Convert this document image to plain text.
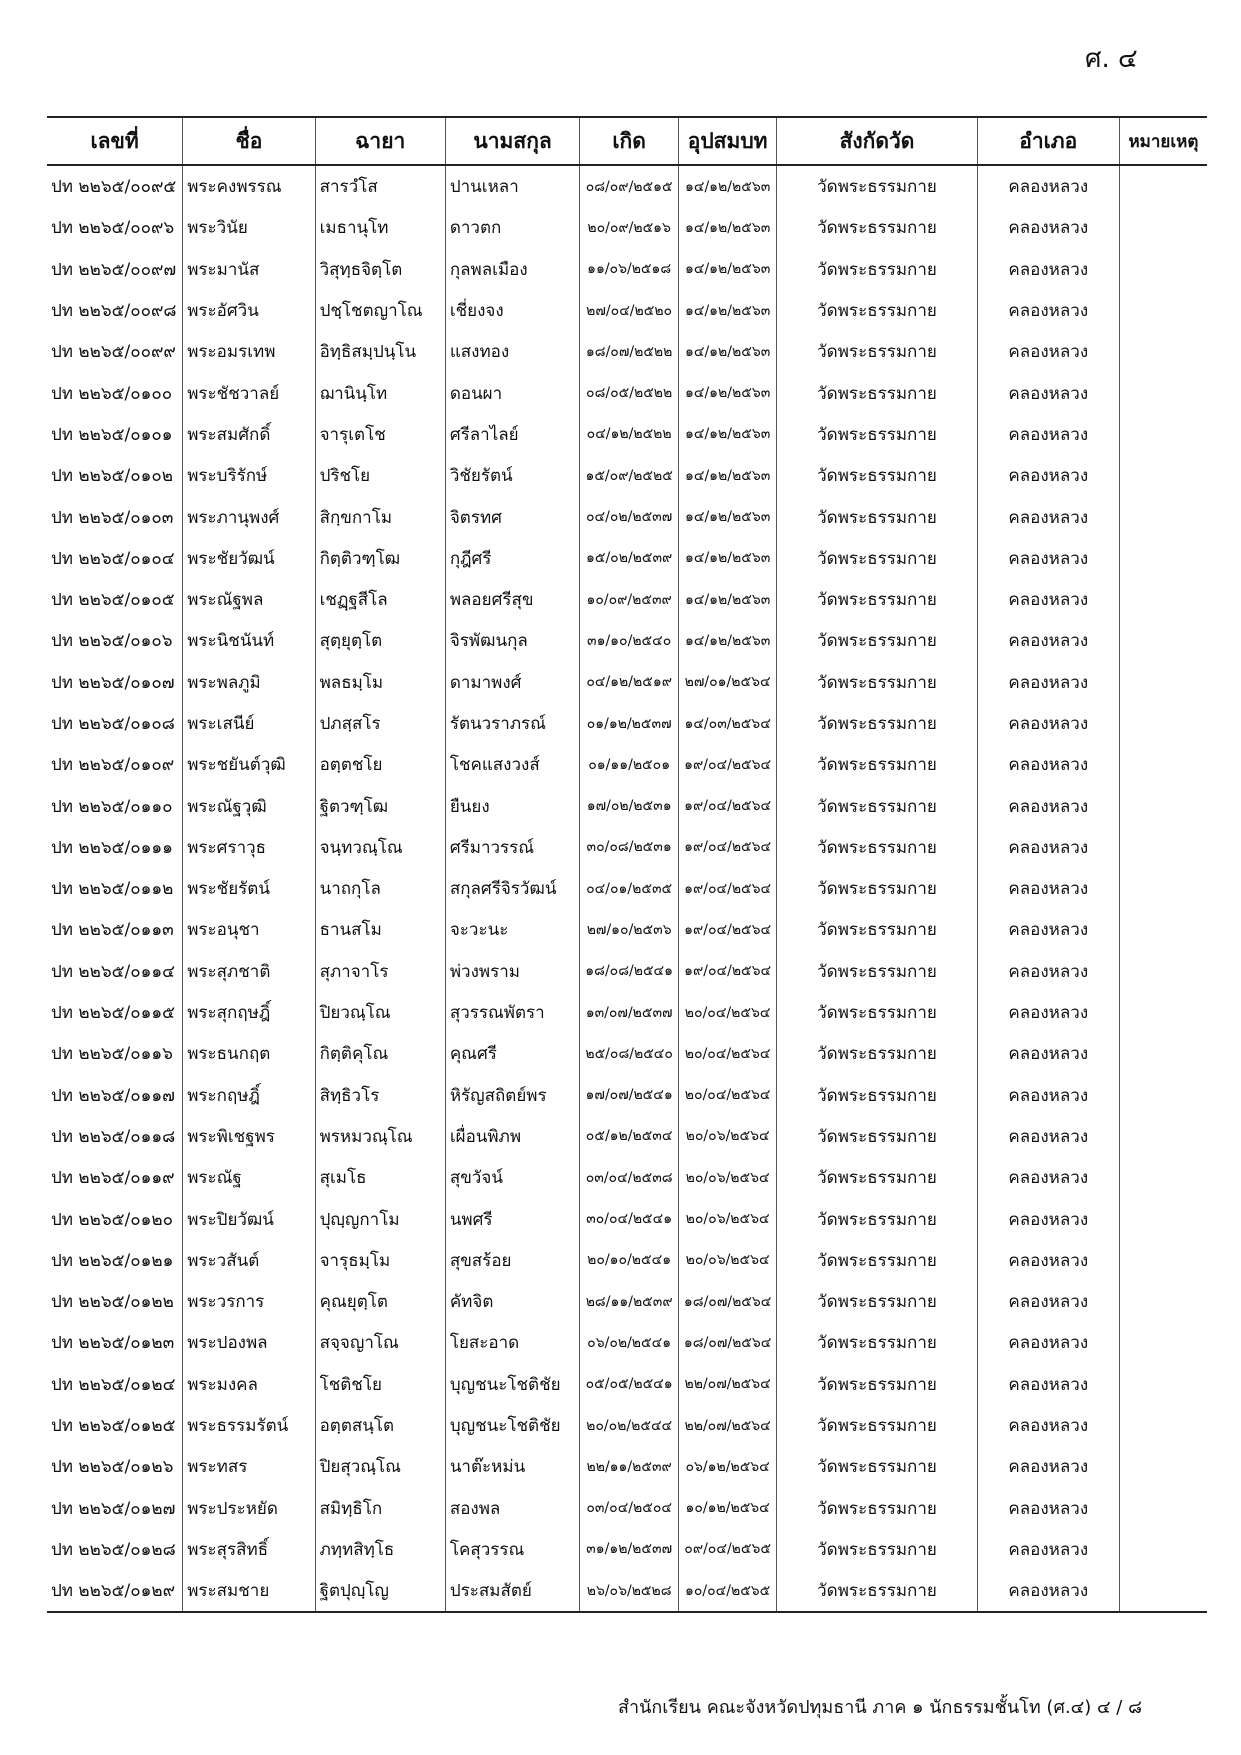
ศ. ๔
เลขที่	ชื่อ	ฉายา	นามสกุล	เกิด	อุปสมบท	สังกัดวัด	อำเภอ	หมายเหตุ
ปท ๒๒๖๕/๐๐๙๕	พระคงพรรณ	สารวํโส	ปานเหลา	๐๘/๐๙/๒๕๑๕	๑๔/๑๒/๒๕๖๓	วัดพระธรรมกาย	คลองหลวง	
ปท ๒๒๖๕/๐๐๙๖	พระวินัย	เมธานุโท	ดาวตก	๒๐/๐๙/๒๕๑๖	๑๔/๑๒/๒๕๖๓	วัดพระธรรมกาย	คลองหลวง	
ปท ๒๒๖๕/๐๐๙๗	พระมานัส	วิสุทฺธจิตฺโต	กุลพลเมือง	๑๑/๐๖/๒๕๑๘	๑๔/๑๒/๒๕๖๓	วัดพระธรรมกาย	คลองหลวง	
ปท ๒๒๖๕/๐๐๙๘	พระอัศวิน	ปชฺโชตญาโณ	เชี่ยงจง	๒๗/๐๔/๒๕๒๐	๑๔/๑๒/๒๕๖๓	วัดพระธรรมกาย	คลองหลวง	
ปท ๒๒๖๕/๐๐๙๙	พระอมรเทพ	อิทฺธิสมฺปนฺโน	แสงทอง	๑๘/๐๗/๒๕๒๒	๑๔/๑๒/๒๕๖๓	วัดพระธรรมกาย	คลองหลวง	
ปท ๒๒๖๕/๐๑๐๐	พระชัชวาลย์	ฌานินฺโท	ดอนผา	๐๘/๐๕/๒๕๒๒	๑๔/๑๒/๒๕๖๓	วัดพระธรรมกาย	คลองหลวง	
ปท ๒๒๖๕/๐๑๐๑	พระสมศักดิ์	จารุเตโช	ศรีลาไลย์	๐๔/๑๒/๒๕๒๒	๑๔/๑๒/๒๕๖๓	วัดพระธรรมกาย	คลองหลวง	
ปท ๒๒๖๕/๐๑๐๒	พระบริรักษ์	ปริชโย	วิชัยรัตน์	๑๕/๐๙/๒๕๒๕	๑๔/๑๒/๒๕๖๓	วัดพระธรรมกาย	คลองหลวง	
ปท ๒๒๖๕/๐๑๐๓	พระภานุพงศ์	สิกฺขกาโม	จิตรทศ	๐๔/๐๒/๒๕๓๗	๑๔/๑๒/๒๕๖๓	วัดพระธรรมกาย	คลองหลวง	
ปท ๒๒๖๕/๐๑๐๔	พระชัยวัฒน์	กิตฺติวฑฺโฒ	กุฎีศรี	๑๕/๐๒/๒๕๓๙	๑๔/๑๒/๒๕๖๓	วัดพระธรรมกาย	คลองหลวง	
ปท ๒๒๖๕/๐๑๐๕	พระณัฐพล	เชฏฺฐสีโล	พลอยศรีสุข	๑๐/๐๙/๒๕๓๙	๑๔/๑๒/๒๕๖๓	วัดพระธรรมกาย	คลองหลวง	
ปท ๒๒๖๕/๐๑๐๖	พระนิชนันท์	สุตฺยุตฺโต	จิรพัฒนกุล	๓๑/๑๐/๒๕๔๐	๑๔/๑๒/๒๕๖๓	วัดพระธรรมกาย	คลองหลวง	
ปท ๒๒๖๕/๐๑๐๗	พระพลภูมิ	พลธมฺโม	ดามาพงศ์	๐๔/๑๒/๒๕๑๙	๒๗/๐๑/๒๕๖๔	วัดพระธรรมกาย	คลองหลวง	
ปท ๒๒๖๕/๐๑๐๘	พระเสนีย์	ปภสฺสโร	รัตนวราภรณ์	๐๑/๑๒/๒๕๓๗	๑๔/๐๓/๒๕๖๔	วัดพระธรรมกาย	คลองหลวง	
ปท ๒๒๖๕/๐๑๐๙	พระชยันต์วุฒิ	อตฺตชโย	โชคแสงวงส์	๐๑/๑๑/๒๕๐๑	๑๙/๐๔/๒๕๖๔	วัดพระธรรมกาย	คลองหลวง	
ปท ๒๒๖๕/๐๑๑๐	พระณัฐวุฒิ	ฐิตวฑฺโฒ	ยืนยง	๑๗/๐๒/๒๕๓๑	๑๙/๐๔/๒๕๖๔	วัดพระธรรมกาย	คลองหลวง	
ปท ๒๒๖๕/๐๑๑๑	พระศราวุธ	จนฺทวณฺโณ	ศรีมาวรรณ์	๓๐/๐๘/๒๕๓๑	๑๙/๐๔/๒๕๖๔	วัดพระธรรมกาย	คลองหลวง	
ปท ๒๒๖๕/๐๑๑๒	พระชัยรัตน์	นาถกุโล	สกุลศรีจิรวัฒน์	๐๔/๐๑/๒๕๓๕	๑๙/๐๔/๒๕๖๔	วัดพระธรรมกาย	คลองหลวง	
ปท ๒๒๖๕/๐๑๑๓	พระอนุชา	ธานสโม	จะวะนะ	๒๗/๑๐/๒๕๓๖	๑๙/๐๔/๒๕๖๔	วัดพระธรรมกาย	คลองหลวง	
ปท ๒๒๖๕/๐๑๑๔	พระสุภชาติ	สุภาจาโร	พ่วงพราม	๑๘/๐๘/๒๕๔๑	๑๙/๐๔/๒๕๖๔	วัดพระธรรมกาย	คลองหลวง	
ปท ๒๒๖๕/๐๑๑๕	พระสุกฤษฎิ์	ปิยวณฺโณ	สุวรรณพัตรา	๑๓/๐๗/๒๕๓๗	๒๐/๐๔/๒๕๖๔	วัดพระธรรมกาย	คลองหลวง	
ปท ๒๒๖๕/๐๑๑๖	พระธนกฤต	กิตฺติคุโณ	คุณศรี	๒๕/๐๘/๒๕๔๐	๒๐/๐๔/๒๕๖๔	วัดพระธรรมกาย	คลองหลวง	
ปท ๒๒๖๕/๐๑๑๗	พระกฤษฎิ์	สิทฺธิวโร	หิรัญสถิตย์พร	๑๗/๐๗/๒๕๔๑	๒๐/๐๔/๒๕๖๔	วัดพระธรรมกาย	คลองหลวง	
ปท ๒๒๖๕/๐๑๑๘	พระพิเชฐพร	พรหมวณฺโณ	เผื่อนพิภพ	๐๕/๑๒/๒๕๓๔	๒๐/๐๖/๒๕๖๔	วัดพระธรรมกาย	คลองหลวง	
ปท ๒๒๖๕/๐๑๑๙	พระณัฐ	สุเมโธ	สุขวัจน์	๐๓/๐๔/๒๕๓๘	๒๐/๐๖/๒๕๖๔	วัดพระธรรมกาย	คลองหลวง	
ปท ๒๒๖๕/๐๑๒๐	พระปิยวัฒน์	ปุญฺญกาโม	นพศรี	๓๐/๐๔/๒๕๔๑	๒๐/๐๖/๒๕๖๔	วัดพระธรรมกาย	คลองหลวง	
ปท ๒๒๖๕/๐๑๒๑	พระวสันต์	จารุธมฺโม	สุขสร้อย	๒๐/๑๐/๒๕๔๑	๒๐/๐๖/๒๕๖๔	วัดพระธรรมกาย	คลองหลวง	
ปท ๒๒๖๕/๐๑๒๒	พระวรการ	คุณยุตฺโต	คัทจิต	๒๘/๑๑/๒๕๓๙	๑๘/๐๗/๒๕๖๔	วัดพระธรรมกาย	คลองหลวง	
ปท ๒๒๖๕/๐๑๒๓	พระปองพล	สจฺจญาโณ	โยสะอาด	๐๖/๐๒/๒๕๔๑	๑๘/๐๗/๒๕๖๔	วัดพระธรรมกาย	คลองหลวง	
ปท ๒๒๖๕/๐๑๒๔	พระมงคล	โชติชโย	บุญชนะโชติชัย	๐๕/๐๕/๒๕๔๑	๒๒/๐๗/๒๕๖๔	วัดพระธรรมกาย	คลองหลวง	
ปท ๒๒๖๕/๐๑๒๕	พระธรรมรัตน์	อตฺตสนฺโต	บุญชนะโชติชัย	๒๐/๐๒/๒๕๔๔	๒๒/๐๗/๒๕๖๔	วัดพระธรรมกาย	คลองหลวง	
ปท ๒๒๖๕/๐๑๒๖	พระทสร	ปิยสุวณฺโณ	นาต๊ะหม่น	๒๒/๑๑/๒๕๓๙	๐๖/๑๒/๒๕๖๔	วัดพระธรรมกาย	คลองหลวง	
ปท ๒๒๖๕/๐๑๒๗	พระประหยัด	สมิทฺธิโก	สองพล	๐๓/๐๔/๒๕๐๔	๑๐/๑๒/๒๕๖๔	วัดพระธรรมกาย	คลองหลวง	
ปท ๒๒๖๕/๐๑๒๘	พระสุรสิทธิ์	ภทฺทสิทฺโธ	โคสุวรรณ	๓๑/๑๒/๒๕๓๗	๐๙/๐๔/๒๕๖๕	วัดพระธรรมกาย	คลองหลวง	
ปท ๒๒๖๕/๐๑๒๙	พระสมชาย	ฐิตปุญฺโญ	ประสมสัตย์	๒๖/๐๖/๒๕๒๘	๑๐/๐๔/๒๕๖๕	วัดพระธรรมกาย	คลองหลวง	
สำนักเรียน คณะจังหวัดปทุมธานี ภาค ๑ นักธรรมชั้นโท (ศ.๔) ๔ / ๘
